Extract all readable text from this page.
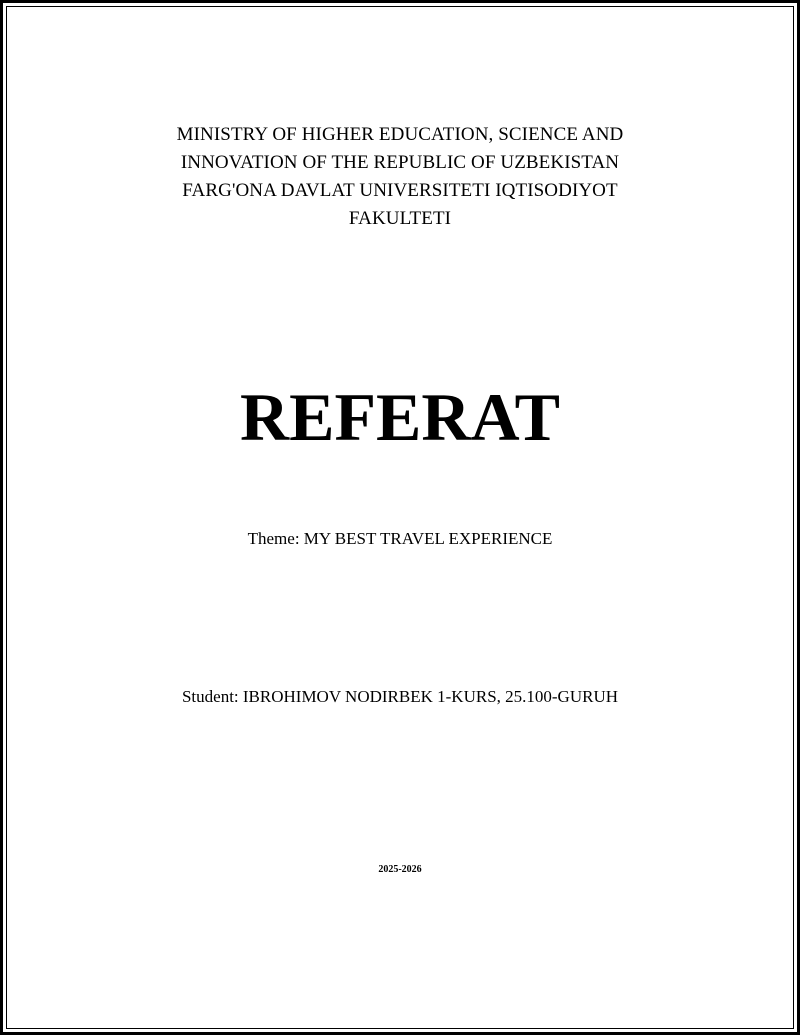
MINISTRY OF HIGHER EDUCATION, SCIENCE AND
INNOVATION OF THE REPUBLIC OF UZBEKISTAN
FARG'ONA DAVLAT UNIVERSITETI IQTISODIYOT
FAKULTETI
REFERAT
Theme: MY BEST TRAVEL EXPERIENCE
Student: IBROHIMOV NODIRBEK 1-KURS, 25.100-GURUH
2025-2026
